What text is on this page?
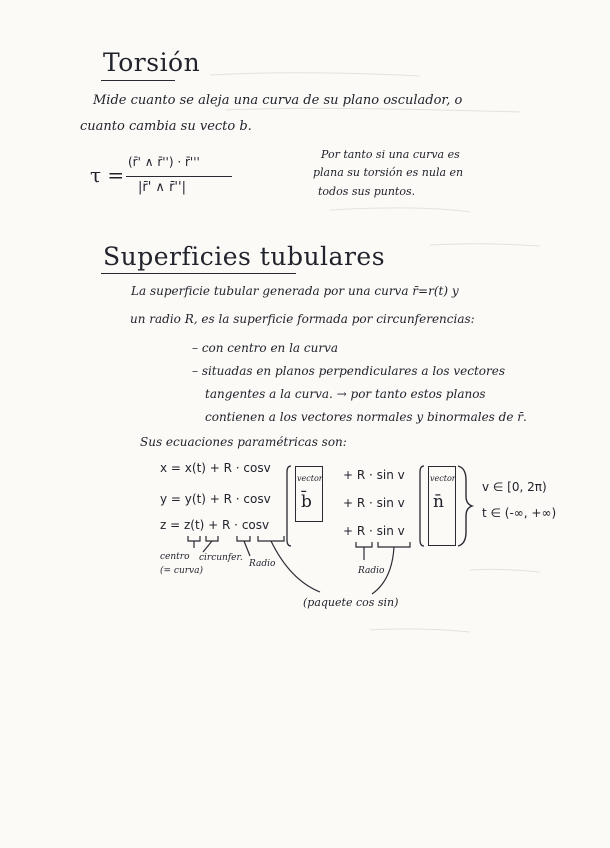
Torsión
Mide cuanto se aleja una curva de su plano osculador, o
cuanto cambia su vecto b.
τ =
(r̄' ∧ r̄'') · r̄'''
|r̄' ∧ r̄''|
Por tanto si una curva es
plana su torsión es nula en
todos sus puntos.
Superficies tubulares
La superficie tubular generada por una curva r̄=r(t) y
un radio R, es la superficie formada por circunferencias:
– con centro en la curva
– situadas en planos perpendiculares a los vectores
tangentes a la curva. → por tanto estos planos
contienen a los vectores normales y binormales de r̄.
Sus ecuaciones paramétricas son:
x = x(t) + R · cosv
y = y(t) + R · cosv
z = z(t) + R · cosv
vector
b̄
+ R · sin v
+ R · sin v
+ R · sin v
vector
n̄
v ∈ [0, 2π)
t ∈ (-∞, +∞)
centro
(= curva)
circunfer.
Radio
Radio
(paquete cos sin)
